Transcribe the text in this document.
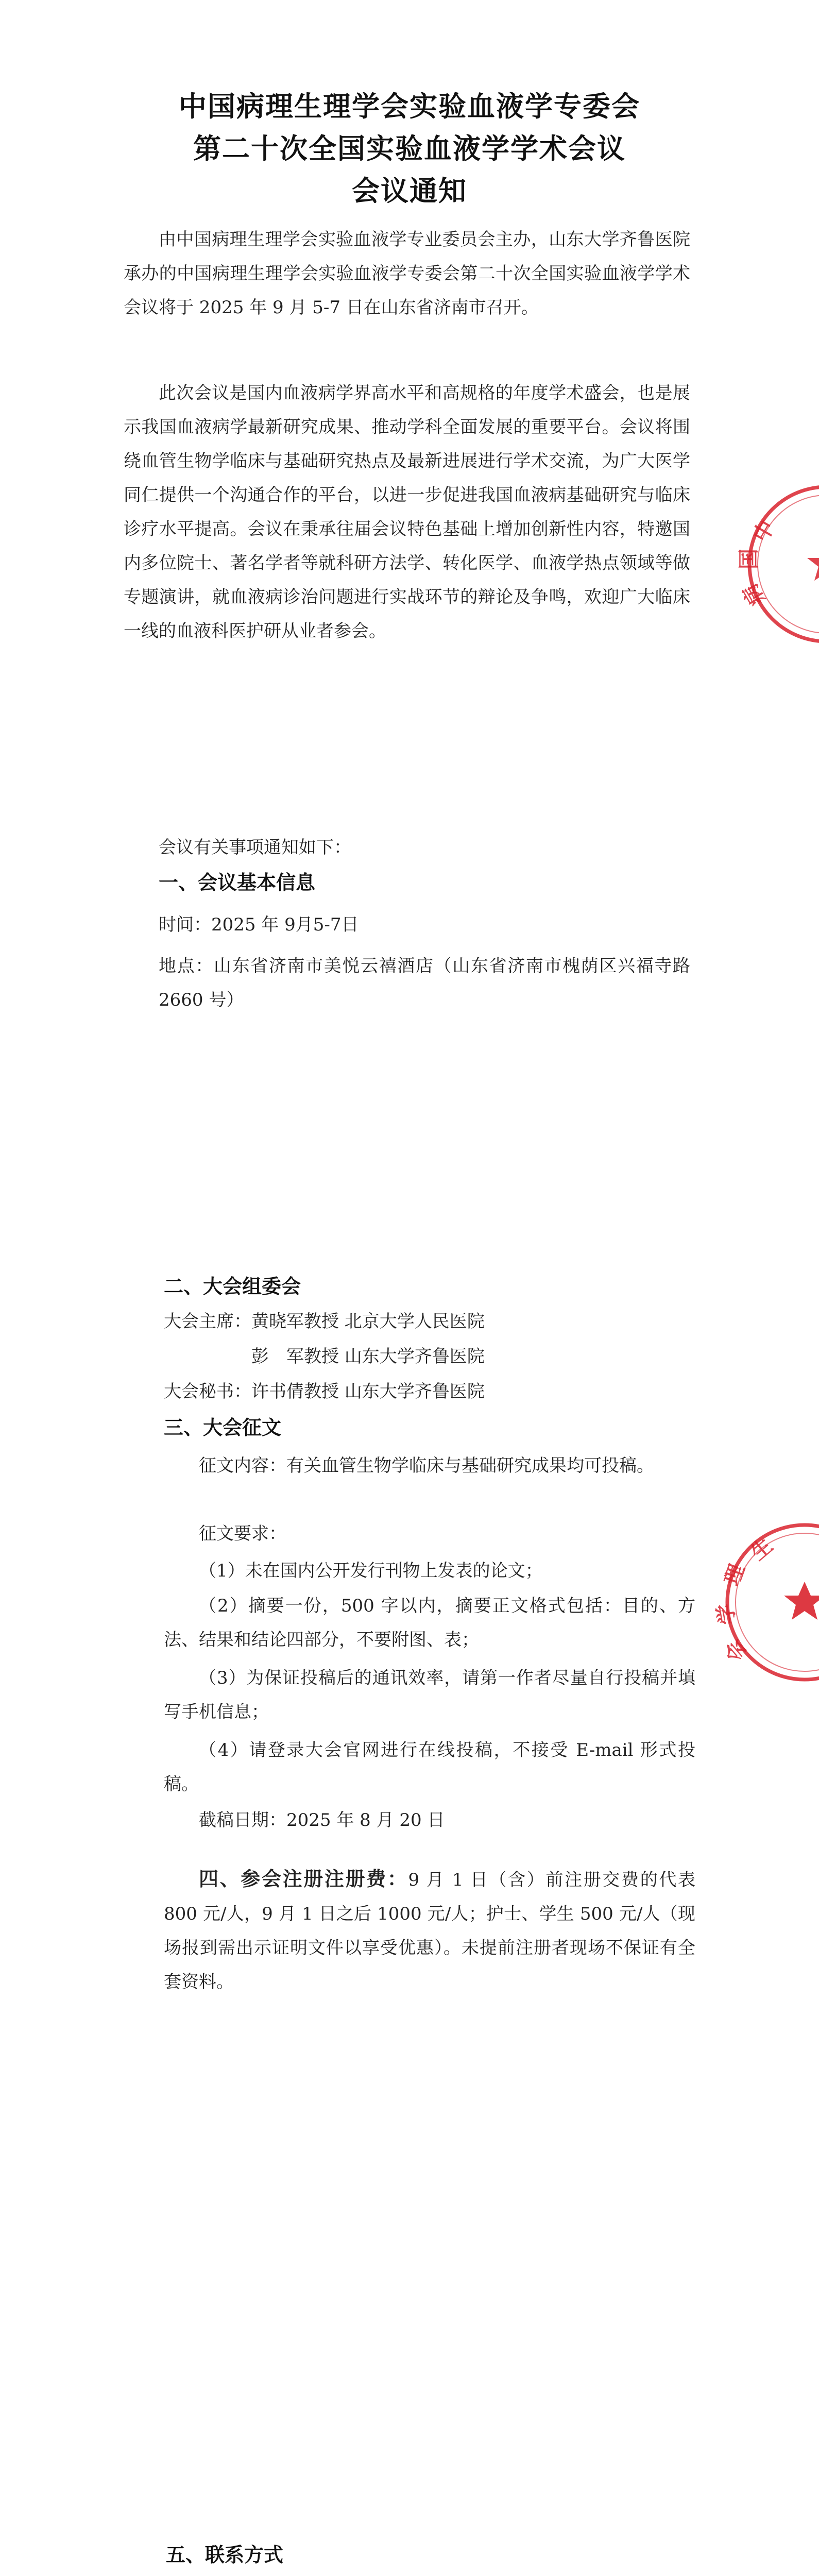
中国病理生理学会实验血液学专委会
第二十次全国实验血液学学术会议
会议通知
由中国病理生理学会实验血液学专业委员会主办，山东大学齐鲁医院承办的中国病理生理学会实验血液学专委会第二十次全国实验血液学学术会议将于 2025 年 9 月 5-7 日在山东省济南市召开。
此次会议是国内血液病学界高水平和高规格的年度学术盛会，也是展示我国血液病学最新研究成果、推动学科全面发展的重要平台。会议将围绕血管生物学临床与基础研究热点及最新进展进行学术交流，为广大医学同仁提供一个沟通合作的平台，以进一步促进我国血液病基础研究与临床诊疗水平提高。会议在秉承往届会议特色基础上增加创新性内容，特邀国内多位院士、著名学者等就科研方法学、转化医学、血液学热点领域等做专题演讲，就血液病诊治问题进行实战环节的辩论及争鸣，欢迎广大临床一线的血液科医护研从业者参会。
会议有关事项通知如下：
一、会议基本信息
时间：2025 年 9月5-7日
地点：山东省济南市美悦云禧酒店（山东省济南市槐荫区兴福寺路 2660 号）
中
国
病
二、大会组委会
大会主席： 黄晓军教授 北京大学人民医院
彭　军教授 山东大学齐鲁医院
大会秘书：许书倩教授 山东大学齐鲁医院
三、大会征文
征文内容：有关血管生物学临床与基础研究成果均可投稿。
征文要求：
（1）未在国内公开发行刊物上发表的论文；
（2）摘要一份，500 字以内，摘要正文格式包括：目的、方法、结果和结论四部分，不要附图、表；
（3）为保证投稿后的通讯效率，请第一作者尽量自行投稿并填写手机信息；
（4）请登录大会官网进行在线投稿，不接受 E-mail 形式投稿。
截稿日期：2025 年 8 月 20 日
四、参会注册注册费：9 月 1 日（含）前注册交费的代表 800 元/人，9 月 1 日之后 1000 元/人；护士、学生 500 元/人（现场报到需出示证明文件以享受优惠）。未提前注册者现场不保证有全套资料。
生
理
学
会
五、联系方式
